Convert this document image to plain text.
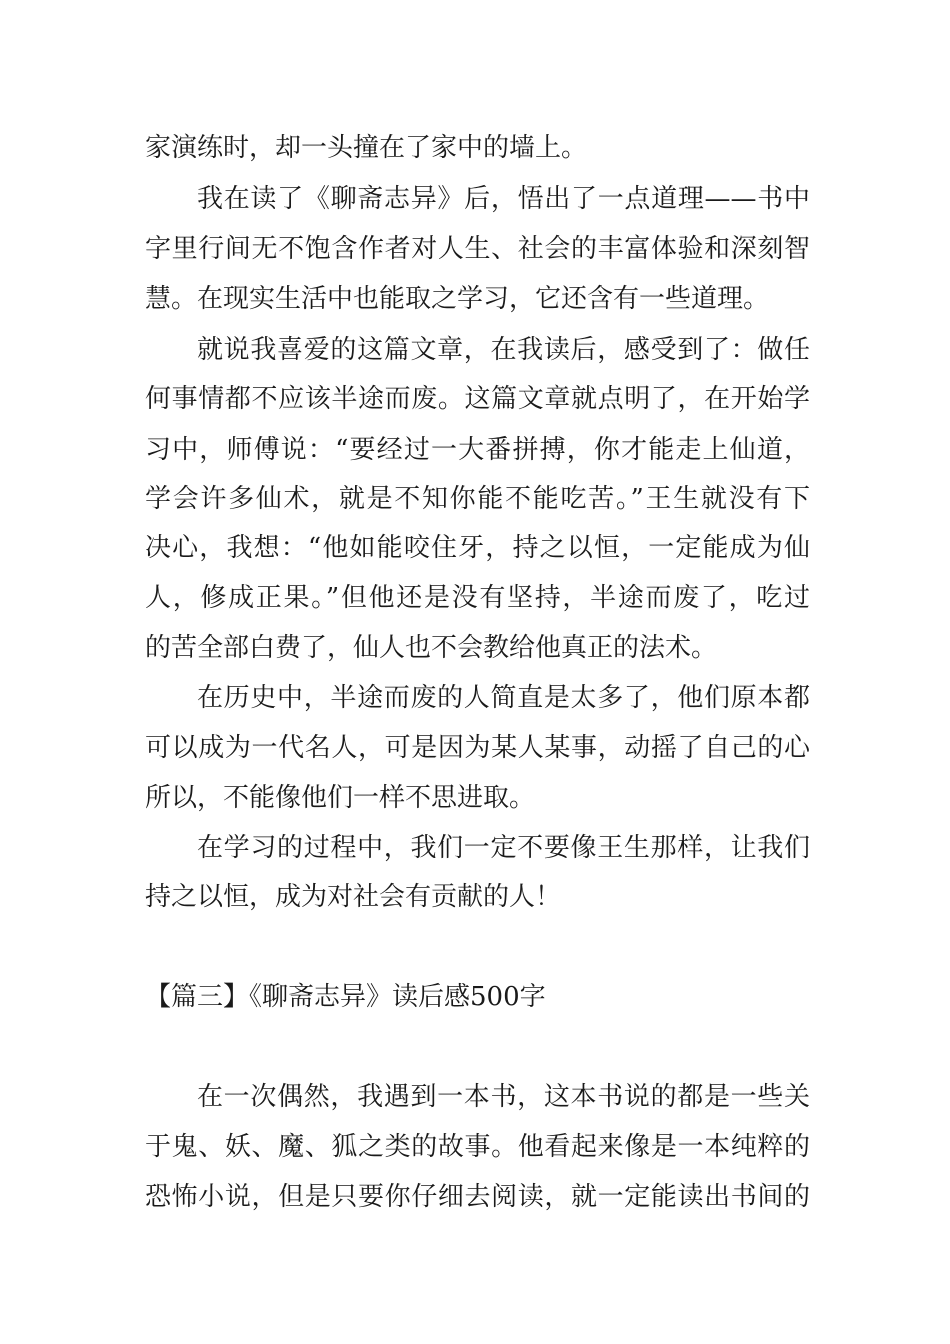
家演练时，却一头撞在了家中的墙上。
我在读了《聊斋志异》后，悟出了一点道理——书中
字里行间无不饱含作者对人生、社会的丰富体验和深刻智
慧。在现实生活中也能取之学习，它还含有一些道理。
就说我喜爱的这篇文章，在我读后，感受到了：做任
何事情都不应该半途而废。这篇文章就点明了，在开始学
习中，师傅说：“要经过一大番拼搏，你才能走上仙道，
学会许多仙术，就是不知你能不能吃苦。”王生就没有下
决心，我想：“他如能咬住牙，持之以恒，一定能成为仙
人，修成正果。”但他还是没有坚持，半途而废了，吃过
的苦全部白费了，仙人也不会教给他真正的法术。
在历史中，半途而废的人简直是太多了，他们原本都
可以成为一代名人，可是因为某人某事，动摇了自己的心
所以，不能像他们一样不思进取。
在学习的过程中，我们一定不要像王生那样，让我们
持之以恒，成为对社会有贡献的人！
【篇三】《聊斋志异》读后感500字
在一次偶然，我遇到一本书，这本书说的都是一些关
于鬼、妖、魔、狐之类的故事。他看起来像是一本纯粹的
恐怖小说，但是只要你仔细去阅读，就一定能读出书间的
